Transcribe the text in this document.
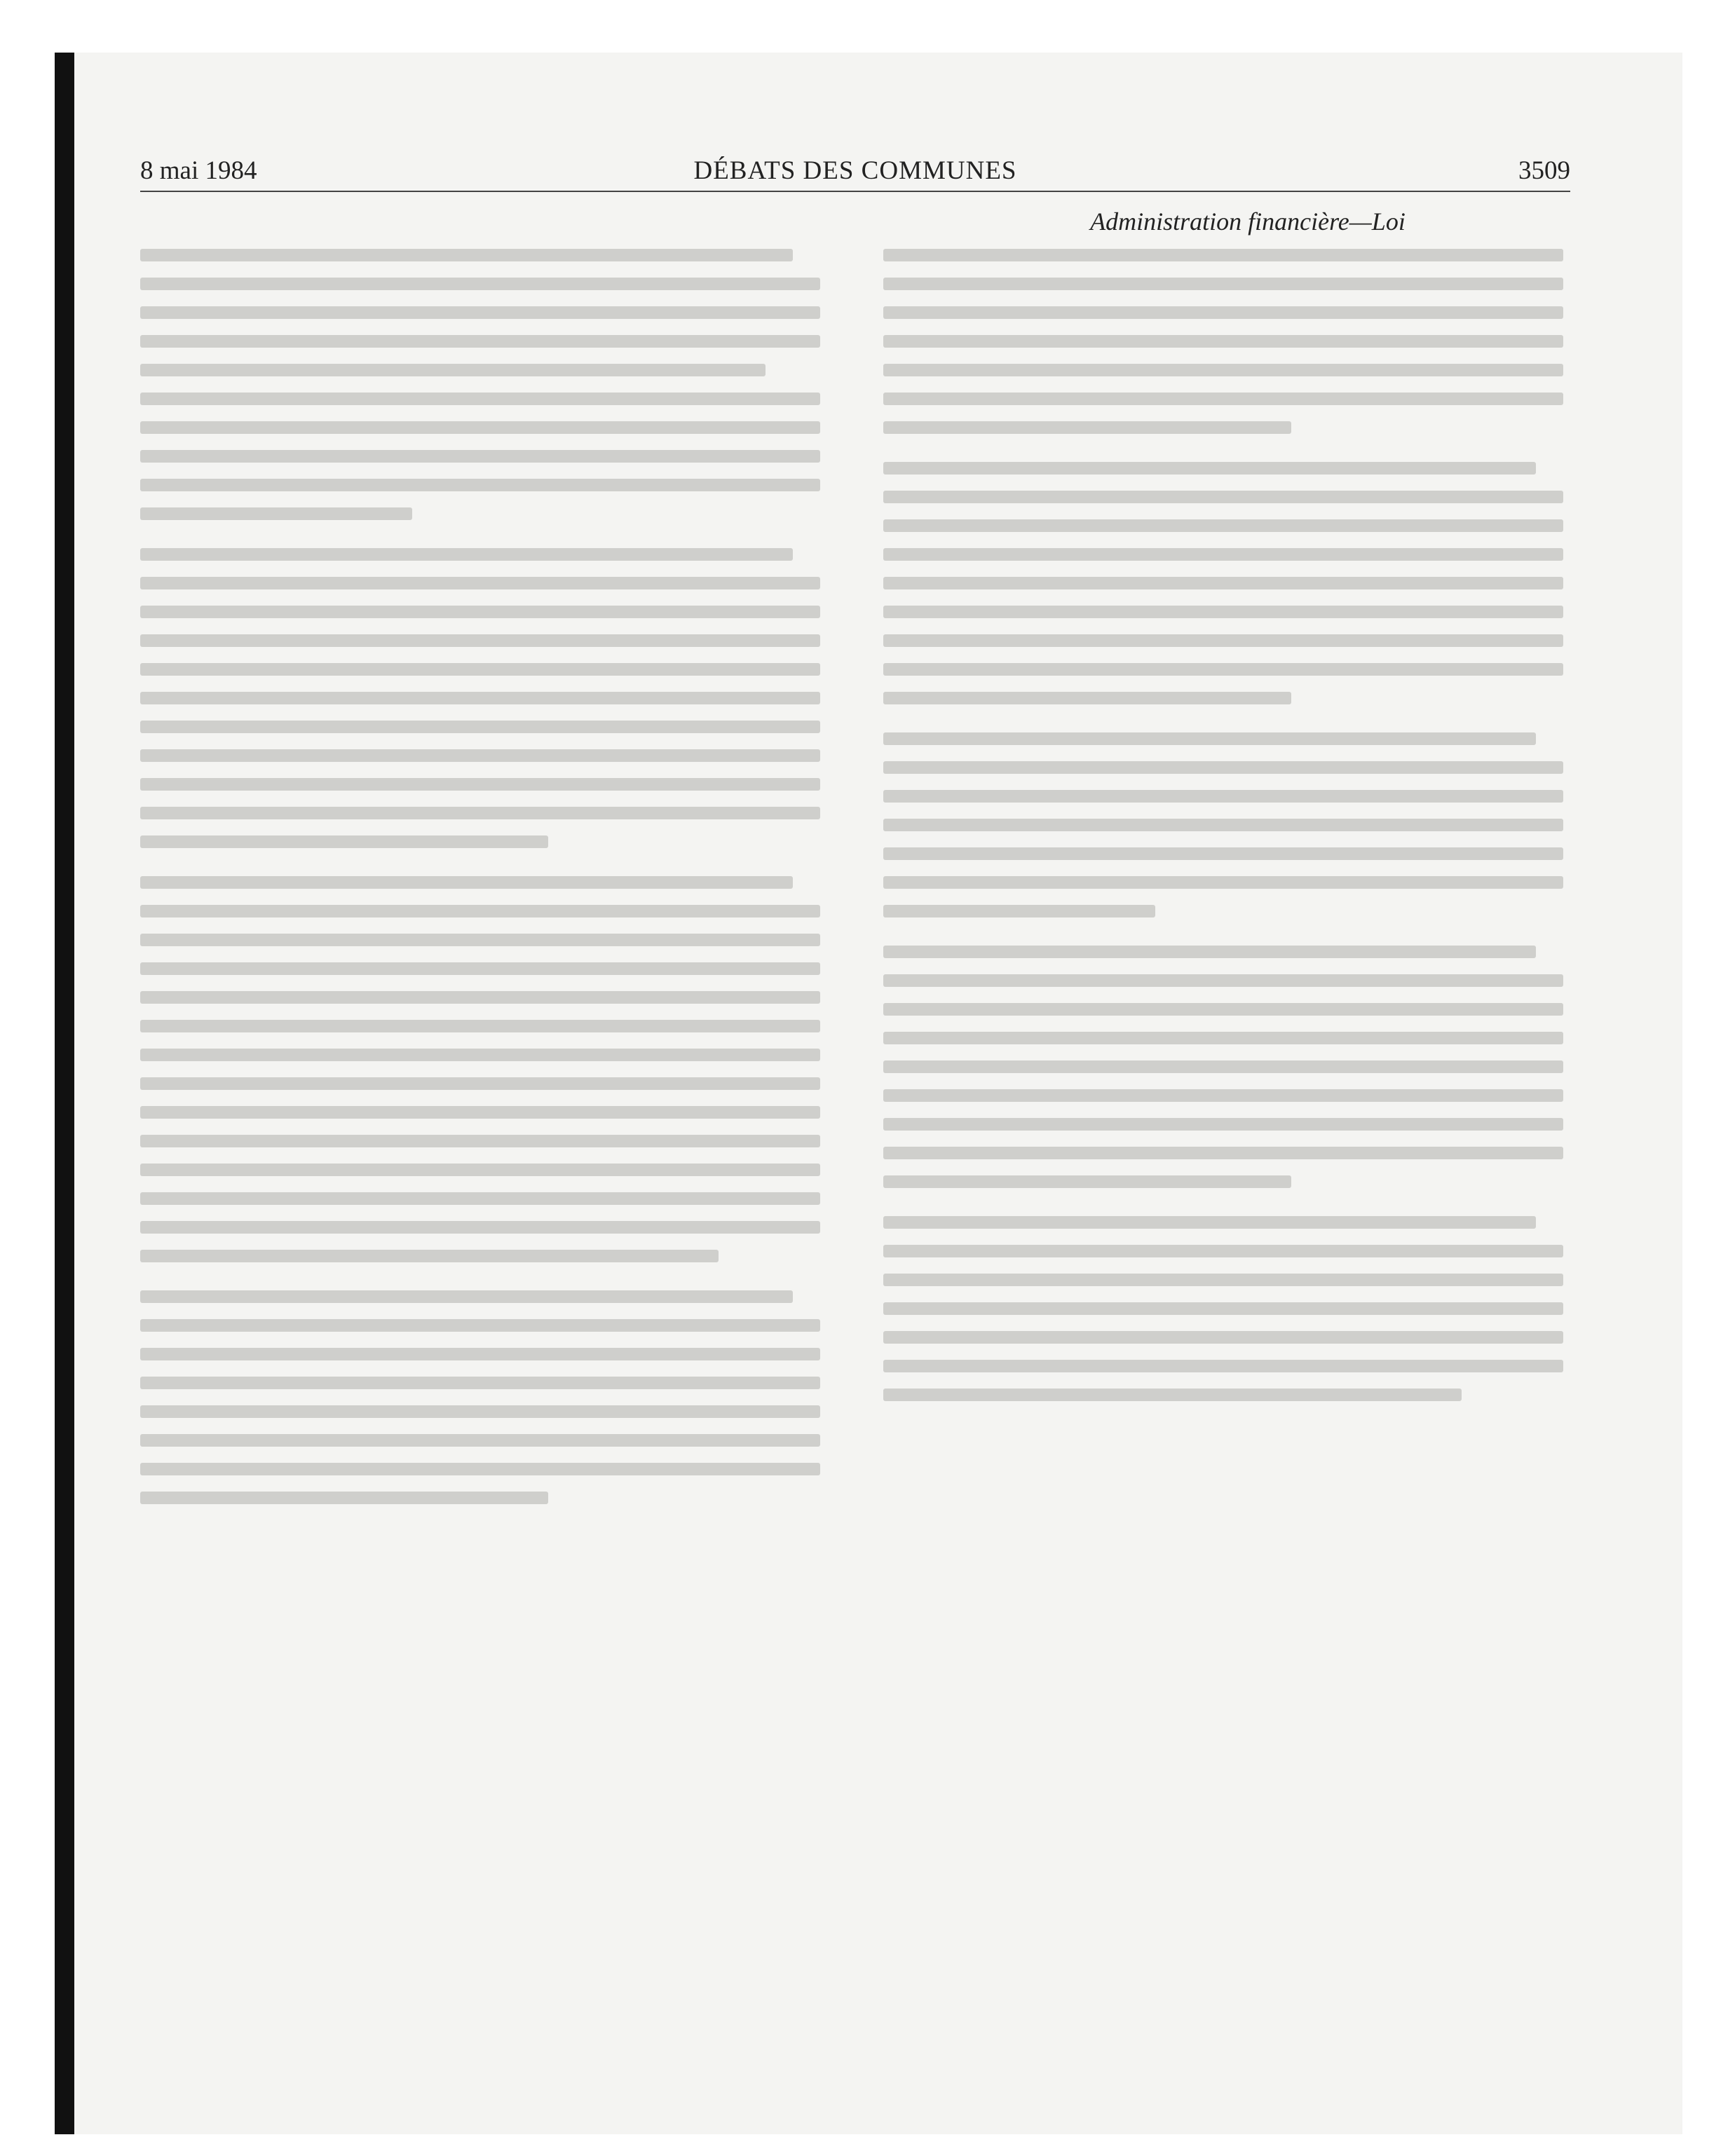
8 mai 1984	DÉBATS DES COMMUNES	3509
Administration financière—Loi
